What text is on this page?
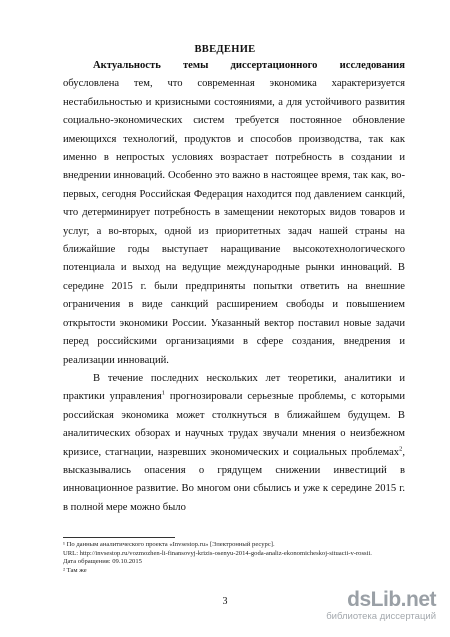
ВВЕДЕНИЕ

Актуальность темы диссертационного исследования обусловлена тем, что современная экономика характеризуется нестабильностью и кризисными состояниями, а для устойчивого развития социально-экономических систем требуется постоянное обновление имеющихся технологий, продуктов и способов производства, так как именно в непростых условиях возрастает потребность в создании и внедрении инноваций. Особенно это важно в настоящее время, так как, во-первых, сегодня Российская Федерация находится под давлением санкций, что детерминирует потребность в замещении некоторых видов товаров и услуг, а во-вторых, одной из приоритетных задач нашей страны на ближайшие годы выступает наращивание высокотехнологического потенциала и выход на ведущие международные рынки инноваций. В середине 2015 г. были предприняты попытки ответить на внешние ограничения в виде санкций расширением свободы и повышением открытости экономики России. Указанный вектор поставил новые задачи перед российскими организациями в сфере создания, внедрения и реализации инноваций.

В течение последних нескольких лет теоретики, аналитики и практики управления$^1$ прогнозировали серьезные проблемы, с которыми российская экономика может столкнуться в ближайшем будущем. В аналитических обзорах и научных трудах звучали мнения о неизбежном кризисе, стагнации, назревших экономических и социальных проблемах$^2$, высказывались опасения о грядущем снижении инвестиций в инновационное развитие. Во многом они сбылись и уже к середине 2015 г. в полной мере можно было

¹ По данным аналитического проекта «Invsestop.ru» [Электронный ресурс].
URL: http://invsestop.ru/vozmozhen-li-finansovyj-krizis-osenyu-2014-goda-analiz-ekonomicheskoj-situacii-v-rossii.
Дата обращения: 09.10.2015
² Там же
3	dsLib.net
библиотека диссертаций
